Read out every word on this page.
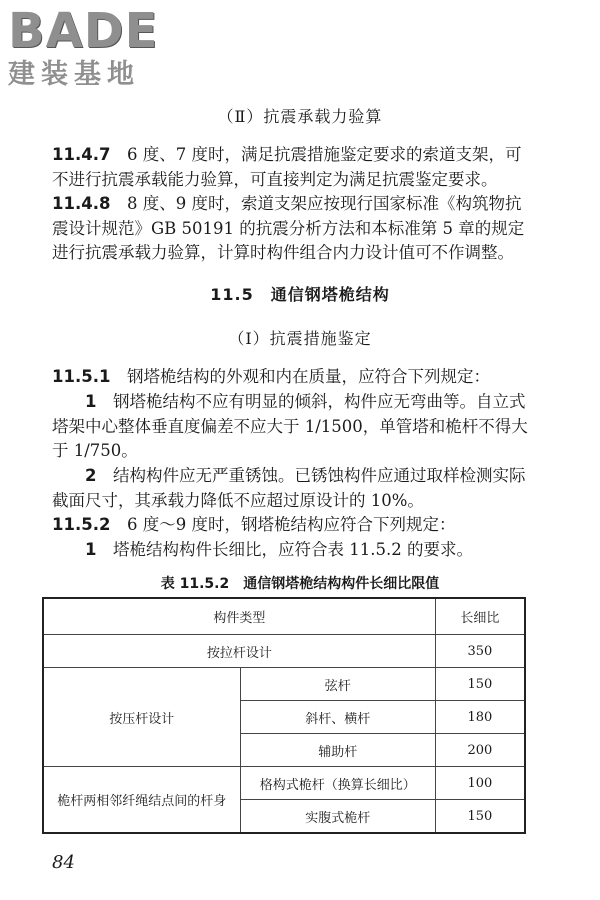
BADE
建装基地
（Ⅱ）抗震承载力验算

11.4.7　 6 度、7 度时，满足抗震措施鉴定要求的索道支架，可不进行抗震承载能力验算，可直接判定为满足抗震鉴定要求。

11.4.8　 8 度、9 度时，索道支架应按现行国家标准《构筑物抗震设计规范》GB 50191 的抗震分析方法和本标准第 5 章的规定进行抗震承载力验算，计算时构件组合内力设计值可不作调整。

11.5　 通信钢塔桅结构
（Ⅰ）抗震措施鉴定

11.5.1　 钢塔桅结构的外观和内在质量，应符合下列规定：

1　 钢塔桅结构不应有明显的倾斜，构件应无弯曲等。自立式塔架中心整体垂直度偏差不应大于 1/1500，单管塔和桅杆不得大于 1/750。

2　 结构构件应无严重锈蚀。已锈蚀构件应通过取样检测实际截面尺寸，其承载力降低不应超过原设计的 10%。

11.5.2　 6 度～9 度时，钢塔桅结构应符合下列规定：

1　 塔桅结构构件长细比，应符合表 11.5.2 的要求。

表 11.5.2　通信钢塔桅结构构件长细比限值
构件类型		长细比
按拉杆设计		350
按压杆设计	弦杆	150
	斜杆、横杆	180
	辅助杆	200
桅杆两相邻纤绳结点间的杆身	格构式桅杆（换算长细比）	100
	实腹式桅杆	150
84
